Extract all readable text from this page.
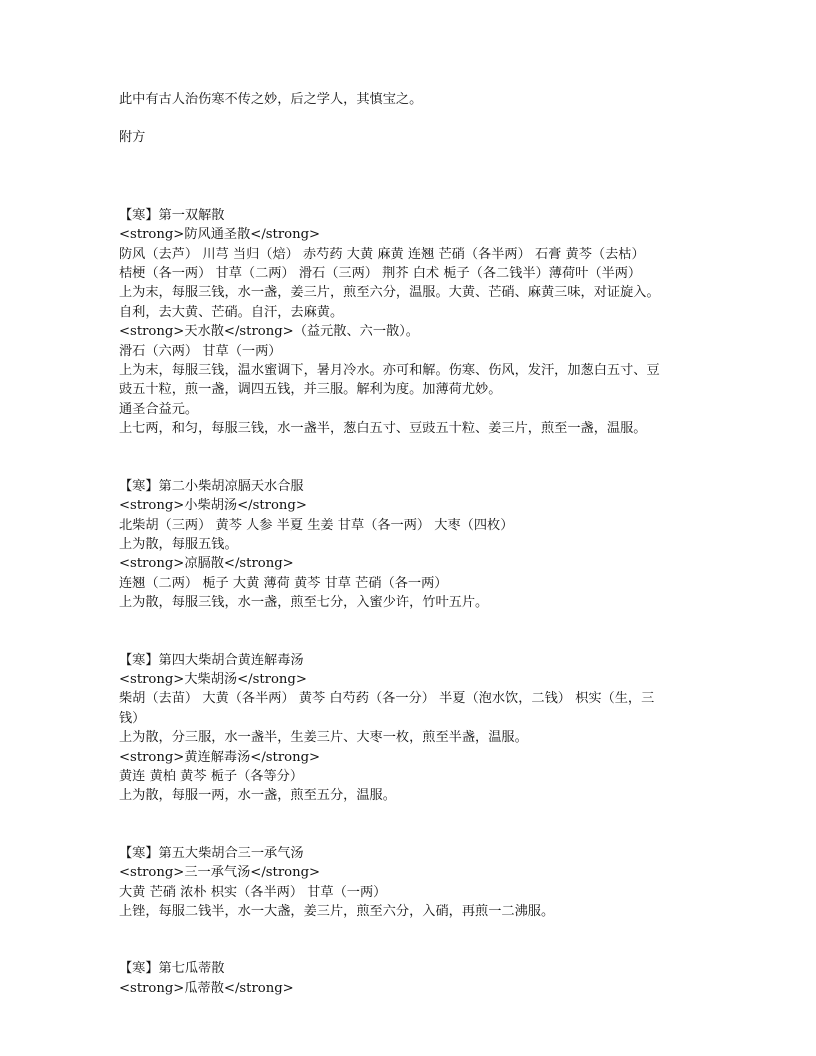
此中有古人治伤寒不传之妙，后之学人，其慎宝之。
附方
【寒】第一双解散
<strong>防风通圣散</strong>
防风（去芦） 川芎 当归（焙） 赤芍药 大黄 麻黄 连翘 芒硝（各半两） 石膏 黄芩（去枯）
桔梗（各一两） 甘草（二两） 滑石（三两） 荆芥 白术 栀子（各二钱半）薄荷叶（半两）
上为末，每服三钱，水一盏，姜三片，煎至六分，温服。大黄、芒硝、麻黄三味，对证旋入。
自利，去大黄、芒硝。自汗，去麻黄。
<strong>天水散</strong>（益元散、六一散）。
滑石（六两） 甘草（一两）
上为末，每服三钱，温水蜜调下，暑月冷水。亦可和解。伤寒、伤风，发汗，加葱白五寸、豆
豉五十粒，煎一盏，调四五钱，并三服。解利为度。加薄荷尤妙。
通圣合益元。
上七两，和匀，每服三钱，水一盏半，葱白五寸、豆豉五十粒、姜三片，煎至一盏，温服。
【寒】第二小柴胡凉膈天水合服
<strong>小柴胡汤</strong>
北柴胡（三两） 黄芩 人参 半夏 生姜 甘草（各一两） 大枣（四枚）
上为散，每服五钱。
<strong>凉膈散</strong>
连翘（二两） 栀子 大黄 薄荷 黄芩 甘草 芒硝（各一两）
上为散，每服三钱，水一盏，煎至七分，入蜜少许，竹叶五片。
【寒】第四大柴胡合黄连解毒汤
<strong>大柴胡汤</strong>
柴胡（去苗） 大黄（各半两） 黄芩 白芍药（各一分） 半夏（泡水饮，二钱） 枳实（生，三
钱）
上为散，分三服，水一盏半，生姜三片、大枣一枚，煎至半盏，温服。
<strong>黄连解毒汤</strong>
黄连 黄柏 黄芩 栀子（各等分）
上为散，每服一两，水一盏，煎至五分，温服。
【寒】第五大柴胡合三一承气汤
<strong>三一承气汤</strong>
大黄 芒硝 浓朴 枳实（各半两） 甘草（一两）
上锉，每服二钱半，水一大盏，姜三片，煎至六分，入硝，再煎一二沸服。
【寒】第七瓜蒂散
<strong>瓜蒂散</strong>
